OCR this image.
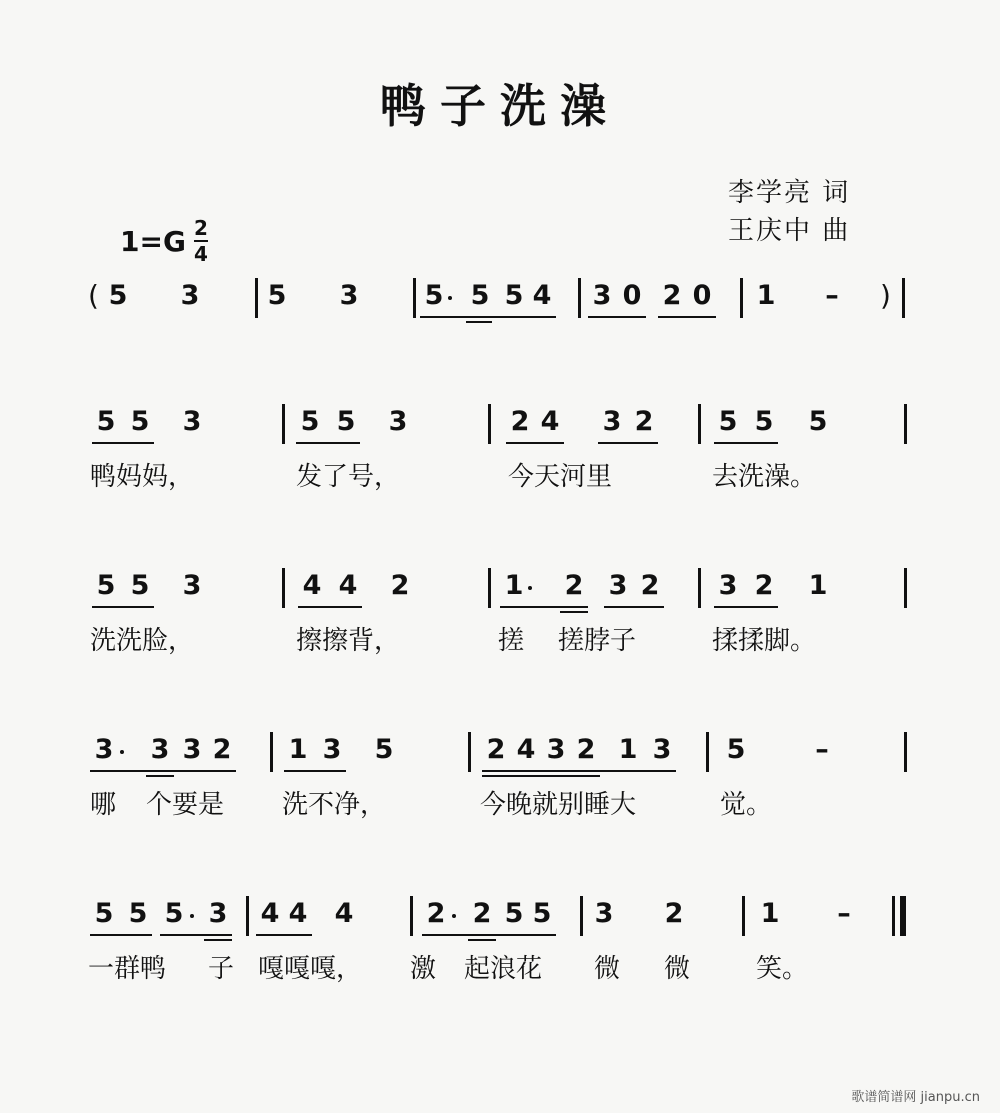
鸭子洗澡
李学亮 词
王庆中 曲
$1=G \frac{2}{4}$
( 5 3	5 3 5 5 5 4 3 0 2 0 1 – )
5 5 3	5 5 3	2 4 3 2 5 5 5
鸭妈妈，	发了号，	今天河里	去洗澡。
5 5 3	4 4 2	1 2 3 2 3 2 1
洗洗脸，	擦擦背，	搓 搓脖子	揉揉脚。
3 3 3 2 1 3 5	2 4 3 2 1 3 5	–
哪 个要是 洗不净，	今晚就别睡大	觉。
5 5 5 3 4 4 4	2 2 5 5 3 2	1 –
一群鸭 子 嘎嘎嘎， 激 起浪花 微 微	笑。
歌谱简谱网 jianpu.cn
